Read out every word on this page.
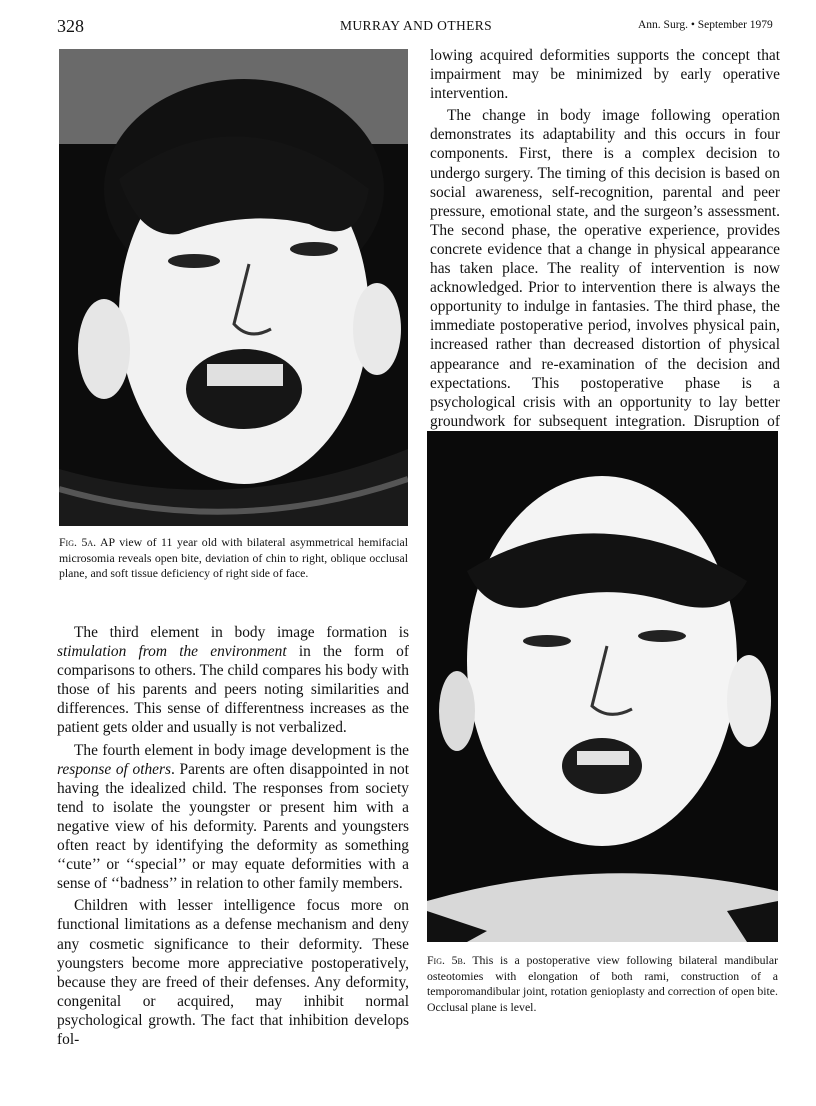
328	MURRAY AND OTHERS	Ann. Surg. • September 1979
Fig. 5a. AP view of 11 year old with bilateral asymmetrical hemifacial microsomia reveals open bite, deviation of chin to right, oblique occlusal plane, and soft tissue deficiency of right side of face.

The third element in body image formation is stimulation from the environment in the form of comparisons to others. The child compares his body with those of his parents and peers noting similarities and differences. This sense of differentness increases as the patient gets older and usually is not verbalized.

The fourth element in body image development is the response of others. Parents are often disappointed in not having the idealized child. The responses from society tend to isolate the youngster or present him with a negative view of his deformity. Parents and youngsters often react by identifying the deformity as something ‘‘cute’’ or ‘‘special’’ or may equate deformities with a sense of ‘‘badness’’ in relation to other family members.

Children with lesser intelligence focus more on functional limitations as a defense mechanism and deny any cosmetic significance to their deformity. These youngsters become more appreciative postoperatively, because they are freed of their defenses. Any deformity, congenital or acquired, may inhibit normal psychological growth. The fact that inhibition develops fol-

lowing acquired deformities supports the concept that impairment may be minimized by early operative intervention.

The change in body image following operation demonstrates its adaptability and this occurs in four components. First, there is a complex decision to undergo surgery. The timing of this decision is based on social awareness, self-recognition, parental and peer pressure, emotional state, and the surgeon’s assessment. The second phase, the operative experience, provides concrete evidence that a change in physical appearance has taken place. The reality of intervention is now acknowledged. Prior to intervention there is always the opportunity to indulge in fantasies. The third phase, the immediate postoperative period, involves physical pain, increased rather than decreased distortion of physical appearance and re-examination of the decision and expectations. This postoperative phase is a psychological crisis with an opportunity to lay better groundwork for subsequent integration. Disruption of

Fig. 5b. This is a postoperative view following bilateral mandibular osteotomies with elongation of both rami, construction of a temporomandibular joint, rotation genioplasty and correction of open bite. Occlusal plane is level.
